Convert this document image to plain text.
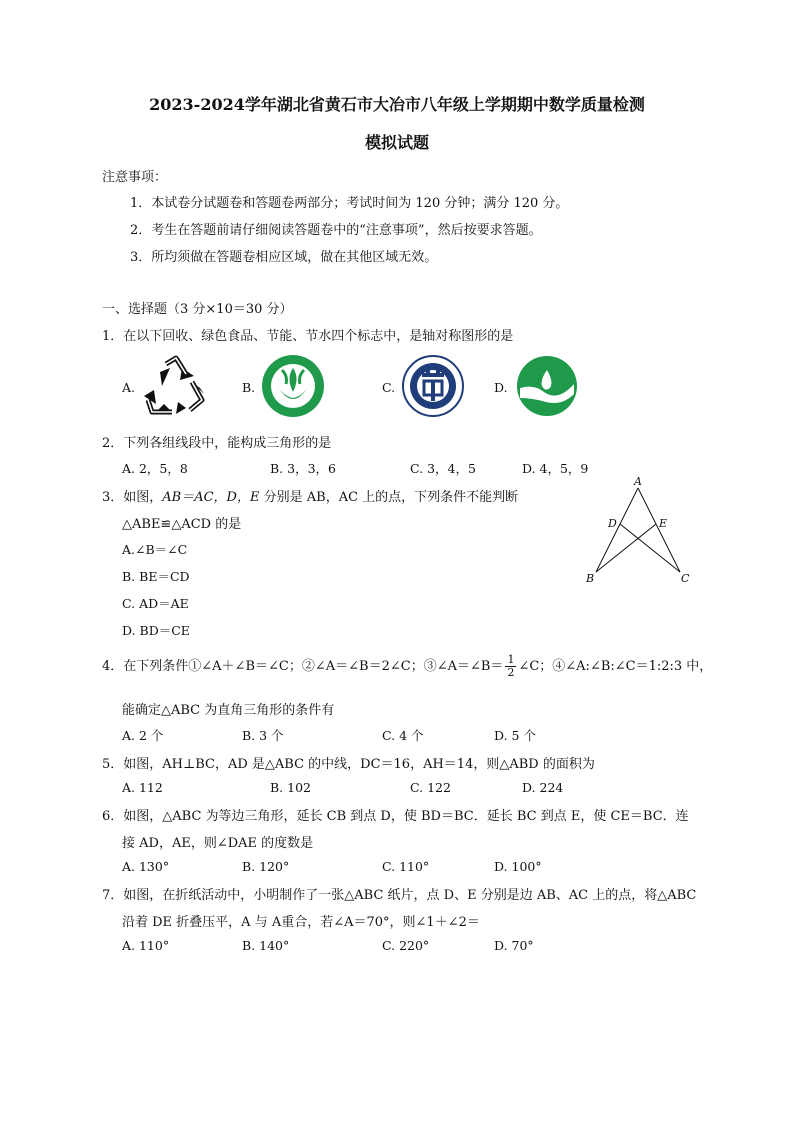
2023-2024学年湖北省黄石市大冶市八年级上学期期中数学质量检测
模拟试题
注意事项：
1．本试卷分试题卷和答题卷两部分；考试时间为 120 分钟；满分 120 分。
2．考生在答题前请仔细阅读答题卷中的“注意事项”，然后按要求答题。
3．所均须做在答题卷相应区域，做在其他区域无效。
一、选择题（3 分×10＝30 分）
1．在以下回收、绿色食品、节能、节水四个标志中，是轴对称图形的是
A.	B.	C.	D.
2．下列各组线段中，能构成三角形的是
A. 2，5，8	B. 3，3，6	C. 3，4，5	D. 4，5，9
3．如图，AB＝AC，D，E 分别是 AB，AC 上的点，下列条件不能判断
△ABE≌△ACD 的是
A.∠B＝∠C
B. BE＝CD
C. AD＝AE
D. BD＝CE
A
B	C
D	E
4．在下列条件①∠A＋∠B＝∠C；②∠A＝∠B＝2∠C；③∠A＝∠B＝ $\frac{1}{2}$ ∠C；④∠A:∠B:∠C＝1:2:3 中，
能确定△ABC 为直角三角形的条件有
A. 2 个	B. 3 个	C. 4 个	D. 5 个
5．如图，AH⊥BC，AD 是△ABC 的中线，DC＝16，AH＝14，则△ABD 的面积为
A. 112	B. 102	C. 122	D. 224
6．如图，△ABC 为等边三角形，延长 CB 到点 D，使 BD＝BC．延长 BC 到点 E，使 CE＝BC．连
接 AD，AE，则∠DAE 的度数是
A. 130°	B. 120°	C. 110°	D. 100°
7．如图，在折纸活动中，小明制作了一张△ABC 纸片，点 D、E 分别是边 AB、AC 上的点，将△ABC
沿着 DE 折叠压平，A 与 A重合，若∠A＝70°，则∠1＋∠2＝
A. 110°	B. 140°	C. 220°	D. 70°
